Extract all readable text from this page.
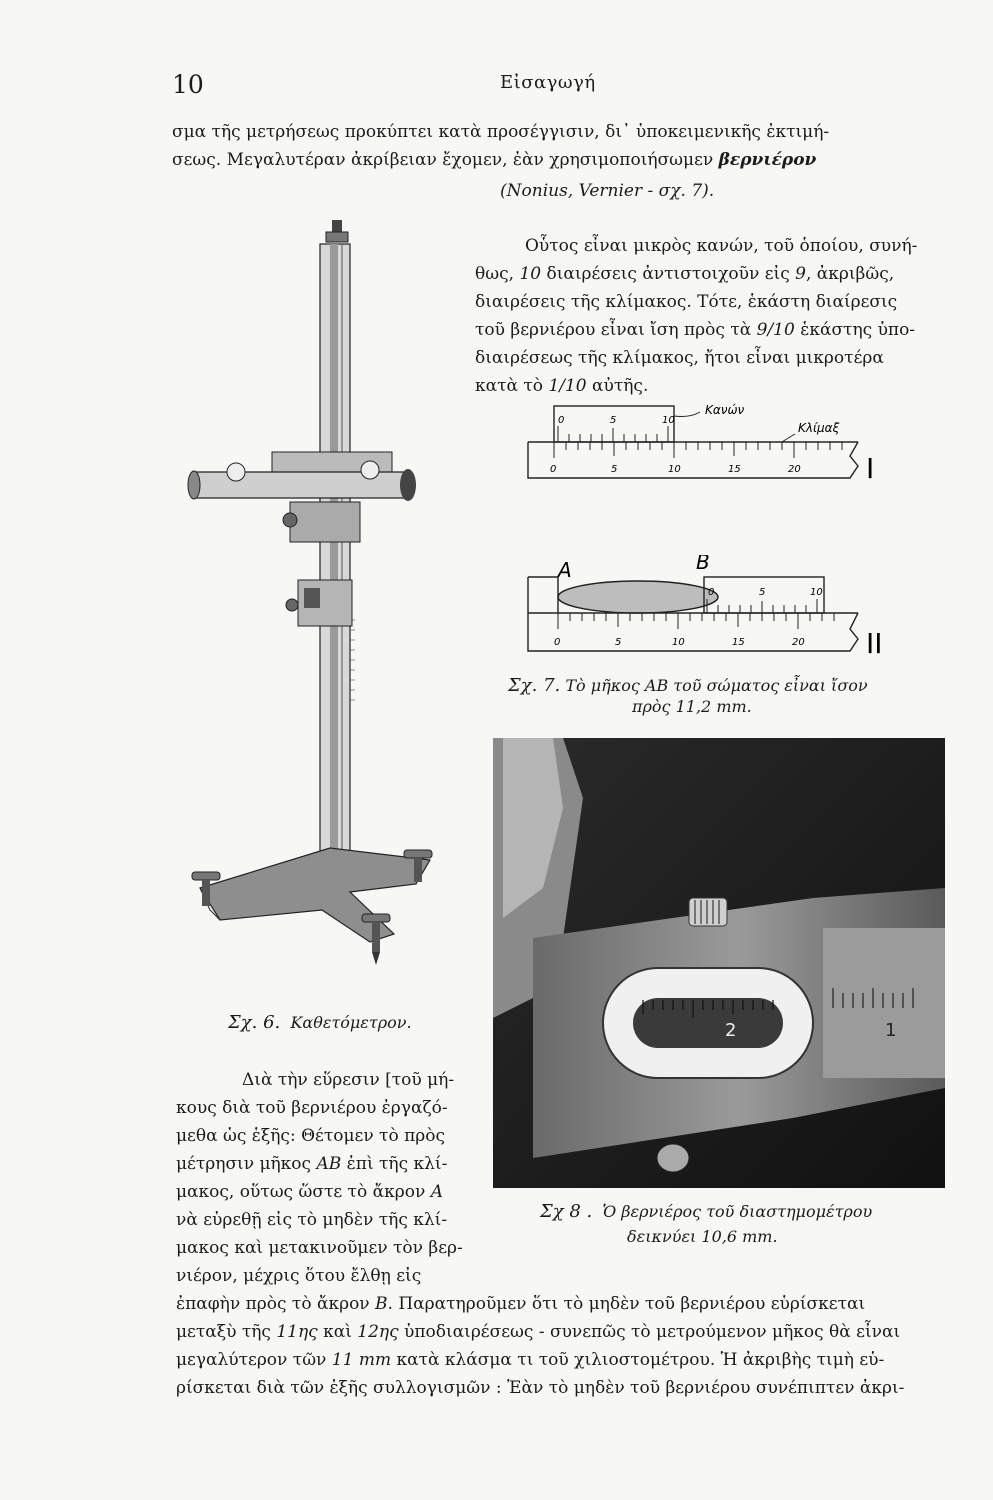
10	Εἰσαγωγή
σμα τῆς μετρήσεως προκύπτει κατὰ προσέγγισιν, δι᾿ ὑποκειμενικῆς ἐκτιμή-
σεως. Μεγαλυτέραν ἀκρίβειαν ἔχομεν, ἐὰν χρησιμοποιήσωμεν βερνιέρον
(Nonius, Vernier - σχ. 7).
Οὗτος εἶναι μικρὸς κανών, τοῦ ὁποίου, συνή-
θως, 10 διαιρέσεις ἀντιστοιχοῦν εἰς 9, ἀκριβῶς,
διαιρέσεις τῆς κλίμακος. Τότε, ἑκάστη διαίρεσις
τοῦ βερνιέρου εἶναι ἴση πρὸς τὰ 9/10 ἑκάστης ὑπο-
διαιρέσεως τῆς κλίμακος, ἤτοι εἶναι μικροτέρα
κατὰ τὸ 1/10 αὐτῆς.
0	5	10
Κανών
Κλίμαξ
0	5	10	15	20 I
A	B
0	5	10
0	5	10	15	20 II
Σχ. 7. Τὸ μῆκος AB τοῦ σώματος εἶναι ἴσον
πρὸς 11,2 mm.
Σχ. 6. Καθετόμετρον.	2	1
Σχ 8 . Ὁ βερνιέρος τοῦ διαστημομέτρου
δεικνύει 10,6 mm.
Διὰ τὴν εὕρεσιν [τοῦ μή-
κους διὰ τοῦ βερνιέρου ἐργαζό-
μεθα ὡς ἑξῆς: Θέτομεν τὸ πρὸς
μέτρησιν μῆκος AB ἐπὶ τῆς κλί-
μακος, οὕτως ὥστε τὸ ἄκρον A
νὰ εὑρεθῇ εἰς τὸ μηδὲν τῆς κλί-
μακος καὶ μετακινοῦμεν τὸν βερ-
νιέρον, μέχρις ὅτου ἔλθῃ εἰς
ἐπαφὴν πρὸς τὸ ἄκρον B. Παρατηροῦμεν ὅτι τὸ μηδὲν τοῦ βερνιέρου εὑρίσκεται
μεταξὺ τῆς 11ης καὶ 12ης ὑποδιαιρέσεως - συνεπῶς τὸ μετρούμενον μῆκος θὰ εἶναι
μεγαλύτερον τῶν 11 mm κατὰ κλάσμα τι τοῦ χιλιοστομέτρου. Ἡ ἀκριβὴς τιμὴ εὑ-
ρίσκεται διὰ τῶν ἑξῆς συλλογισμῶν : Ἐὰν τὸ μηδὲν τοῦ βερνιέρου συνέπιπτεν ἀκρι-
